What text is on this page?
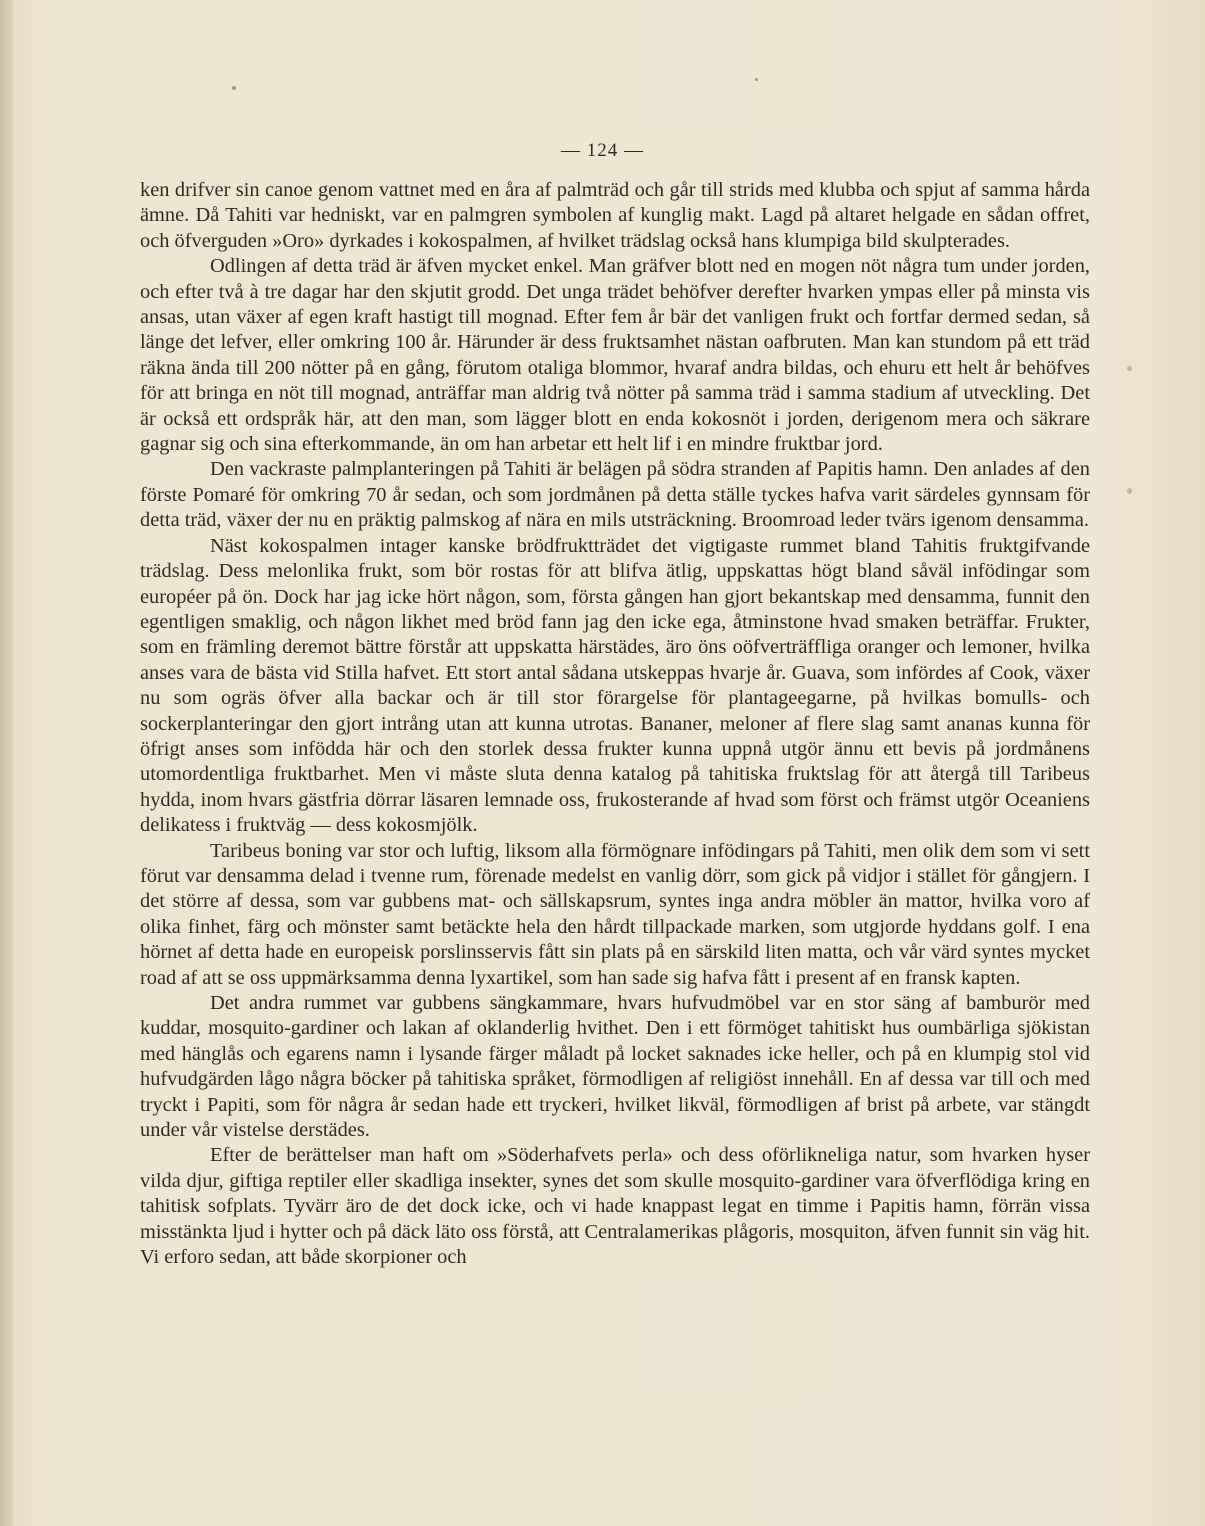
— 124 —

ken drifver sin canoe genom vattnet med en åra af palmträd och går till strids med klubba och spjut af samma hårda ämne. Då Tahiti var hedniskt, var en palmgren symbolen af kunglig makt. Lagd på altaret helgade en sådan offret, och öfverguden »Oro» dyrkades i kokospalmen, af hvilket trädslag också hans klumpiga bild skulpterades.

Odlingen af detta träd är äfven mycket enkel. Man gräfver blott ned en mogen nöt några tum under jorden, och efter två à tre dagar har den skjutit grodd. Det unga trädet behöfver derefter hvarken ympas eller på minsta vis ansas, utan växer af egen kraft hastigt till mognad. Efter fem år bär det vanligen frukt och fortfar dermed sedan, så länge det lefver, eller omkring 100 år. Härunder är dess fruktsamhet nästan oafbruten. Man kan stundom på ett träd räkna ända till 200 nötter på en gång, förutom otaliga blommor, hvaraf andra bildas, och ehuru ett helt år behöfves för att bringa en nöt till mognad, anträffar man aldrig två nötter på samma träd i samma stadium af utveckling. Det är också ett ordspråk här, att den man, som lägger blott en enda kokosnöt i jorden, derigenom mera och säkrare gagnar sig och sina efterkommande, än om han arbetar ett helt lif i en mindre fruktbar jord.

Den vackraste palmplanteringen på Tahiti är belägen på södra stranden af Papitis hamn. Den anlades af den förste Pomaré för omkring 70 år sedan, och som jordmånen på detta ställe tyckes hafva varit särdeles gynnsam för detta träd, växer der nu en präktig palmskog af nära en mils utsträckning. Broomroad leder tvärs igenom densamma.

Näst kokospalmen intager kanske brödfruktträdet det vigtigaste rummet bland Tahitis fruktgifvande trädslag. Dess melonlika frukt, som bör rostas för att blifva ätlig, uppskattas högt bland såväl infödingar som européer på ön. Dock har jag icke hört någon, som, första gången han gjort bekantskap med densamma, funnit den egentligen smaklig, och någon likhet med bröd fann jag den icke ega, åtminstone hvad smaken beträffar. Frukter, som en främling deremot bättre förstår att uppskatta härstädes, äro öns oöfverträffliga oranger och lemoner, hvilka anses vara de bästa vid Stilla hafvet. Ett stort antal sådana utskeppas hvarje år. Guava, som infördes af Cook, växer nu som ogräs öfver alla backar och är till stor förargelse för plantageegarne, på hvilkas bomulls- och sockerplanteringar den gjort intrång utan att kunna utrotas. Bananer, meloner af flere slag samt ananas kunna för öfrigt anses som infödda här och den storlek dessa frukter kunna uppnå utgör ännu ett bevis på jordmånens utomordentliga fruktbarhet. Men vi måste sluta denna katalog på tahitiska fruktslag för att återgå till Taribeus hydda, inom hvars gästfria dörrar läsaren lemnade oss, frukosterande af hvad som först och främst utgör Oceaniens delikatess i fruktväg — dess kokosmjölk.

Taribeus boning var stor och luftig, liksom alla förmögnare infödingars på Tahiti, men olik dem som vi sett förut var densamma delad i tvenne rum, förenade medelst en vanlig dörr, som gick på vidjor i stället för gångjern. I det större af dessa, som var gubbens mat- och sällskapsrum, syntes inga andra möbler än mattor, hvilka voro af olika finhet, färg och mönster samt betäckte hela den hårdt tillpackade marken, som utgjorde hyddans golf. I ena hörnet af detta hade en europeisk porslinsservis fått sin plats på en särskild liten matta, och vår värd syntes mycket road af att se oss uppmärksamma denna lyxartikel, som han sade sig hafva fått i present af en fransk kapten.

Det andra rummet var gubbens sängkammare, hvars hufvudmöbel var en stor säng af bamburör med kuddar, mosquito-gardiner och lakan af oklanderlig hvithet. Den i ett förmöget tahitiskt hus oumbärliga sjökistan med hänglås och egarens namn i lysande färger måladt på locket saknades icke heller, och på en klumpig stol vid hufvudgärden lågo några böcker på tahitiska språket, förmodligen af religiöst innehåll. En af dessa var till och med tryckt i Papiti, som för några år sedan hade ett tryckeri, hvilket likväl, förmodligen af brist på arbete, var stängdt under vår vistelse derstädes.

Efter de berättelser man haft om »Söderhafvets perla» och dess oförlikneliga natur, som hvarken hyser vilda djur, giftiga reptiler eller skadliga insekter, synes det som skulle mosquito-gardiner vara öfverflödiga kring en tahitisk sofplats. Tyvärr äro de det dock icke, och vi hade knappast legat en timme i Papitis hamn, förrän vissa misstänkta ljud i hytter och på däck läto oss förstå, att Centralamerikas plågoris, mosquiton, äfven funnit sin väg hit. Vi erforo sedan, att både skorpioner och
